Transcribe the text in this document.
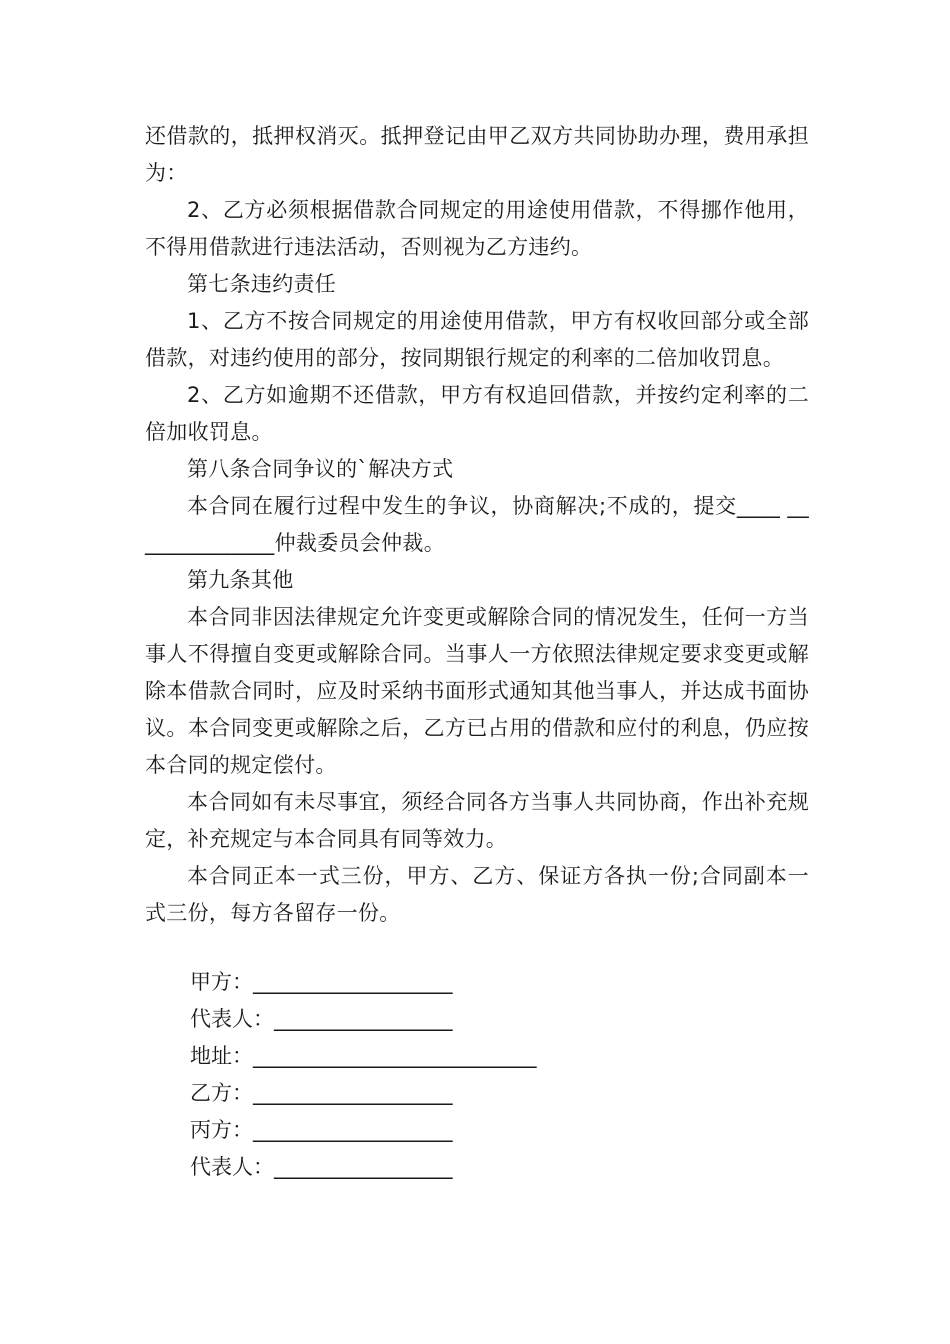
还借款的，抵押权消灭。抵押登记由甲乙双方共同协助办理，费用承担为：

2、乙方必须根据借款合同规定的用途使用借款，不得挪作他用，不得用借款进行违法活动，否则视为乙方违约。

第七条违约责任

1、乙方不按合同规定的用途使用借款，甲方有权收回部分或全部借款，对违约使用的部分，按同期银行规定的利率的二倍加收罚息。

2、乙方如逾期不还借款，甲方有权追回借款，并按约定利率的二倍加收罚息。

第八条合同争议的`解决方式

本合同在履行过程中发生的争议，协商解决;不成的，提交____ ______________仲裁委员会仲裁。

第九条其他

本合同非因法律规定允许变更或解除合同的情况发生，任何一方当事人不得擅自变更或解除合同。当事人一方依照法律规定要求变更或解除本借款合同时，应及时采纳书面形式通知其他当事人，并达成书面协议。本合同变更或解除之后，乙方已占用的借款和应付的利息，仍应按本合同的规定偿付。

本合同如有未尽事宜，须经合同各方当事人共同协商，作出补充规定，补充规定与本合同具有同等效力。

本合同正本一式三份，甲方、乙方、保证方各执一份;合同副本一式三份，每方各留存一份。

甲方：___________________
代表人：_________________
地址：___________________________
乙方：___________________
丙方：___________________
代表人：_________________
